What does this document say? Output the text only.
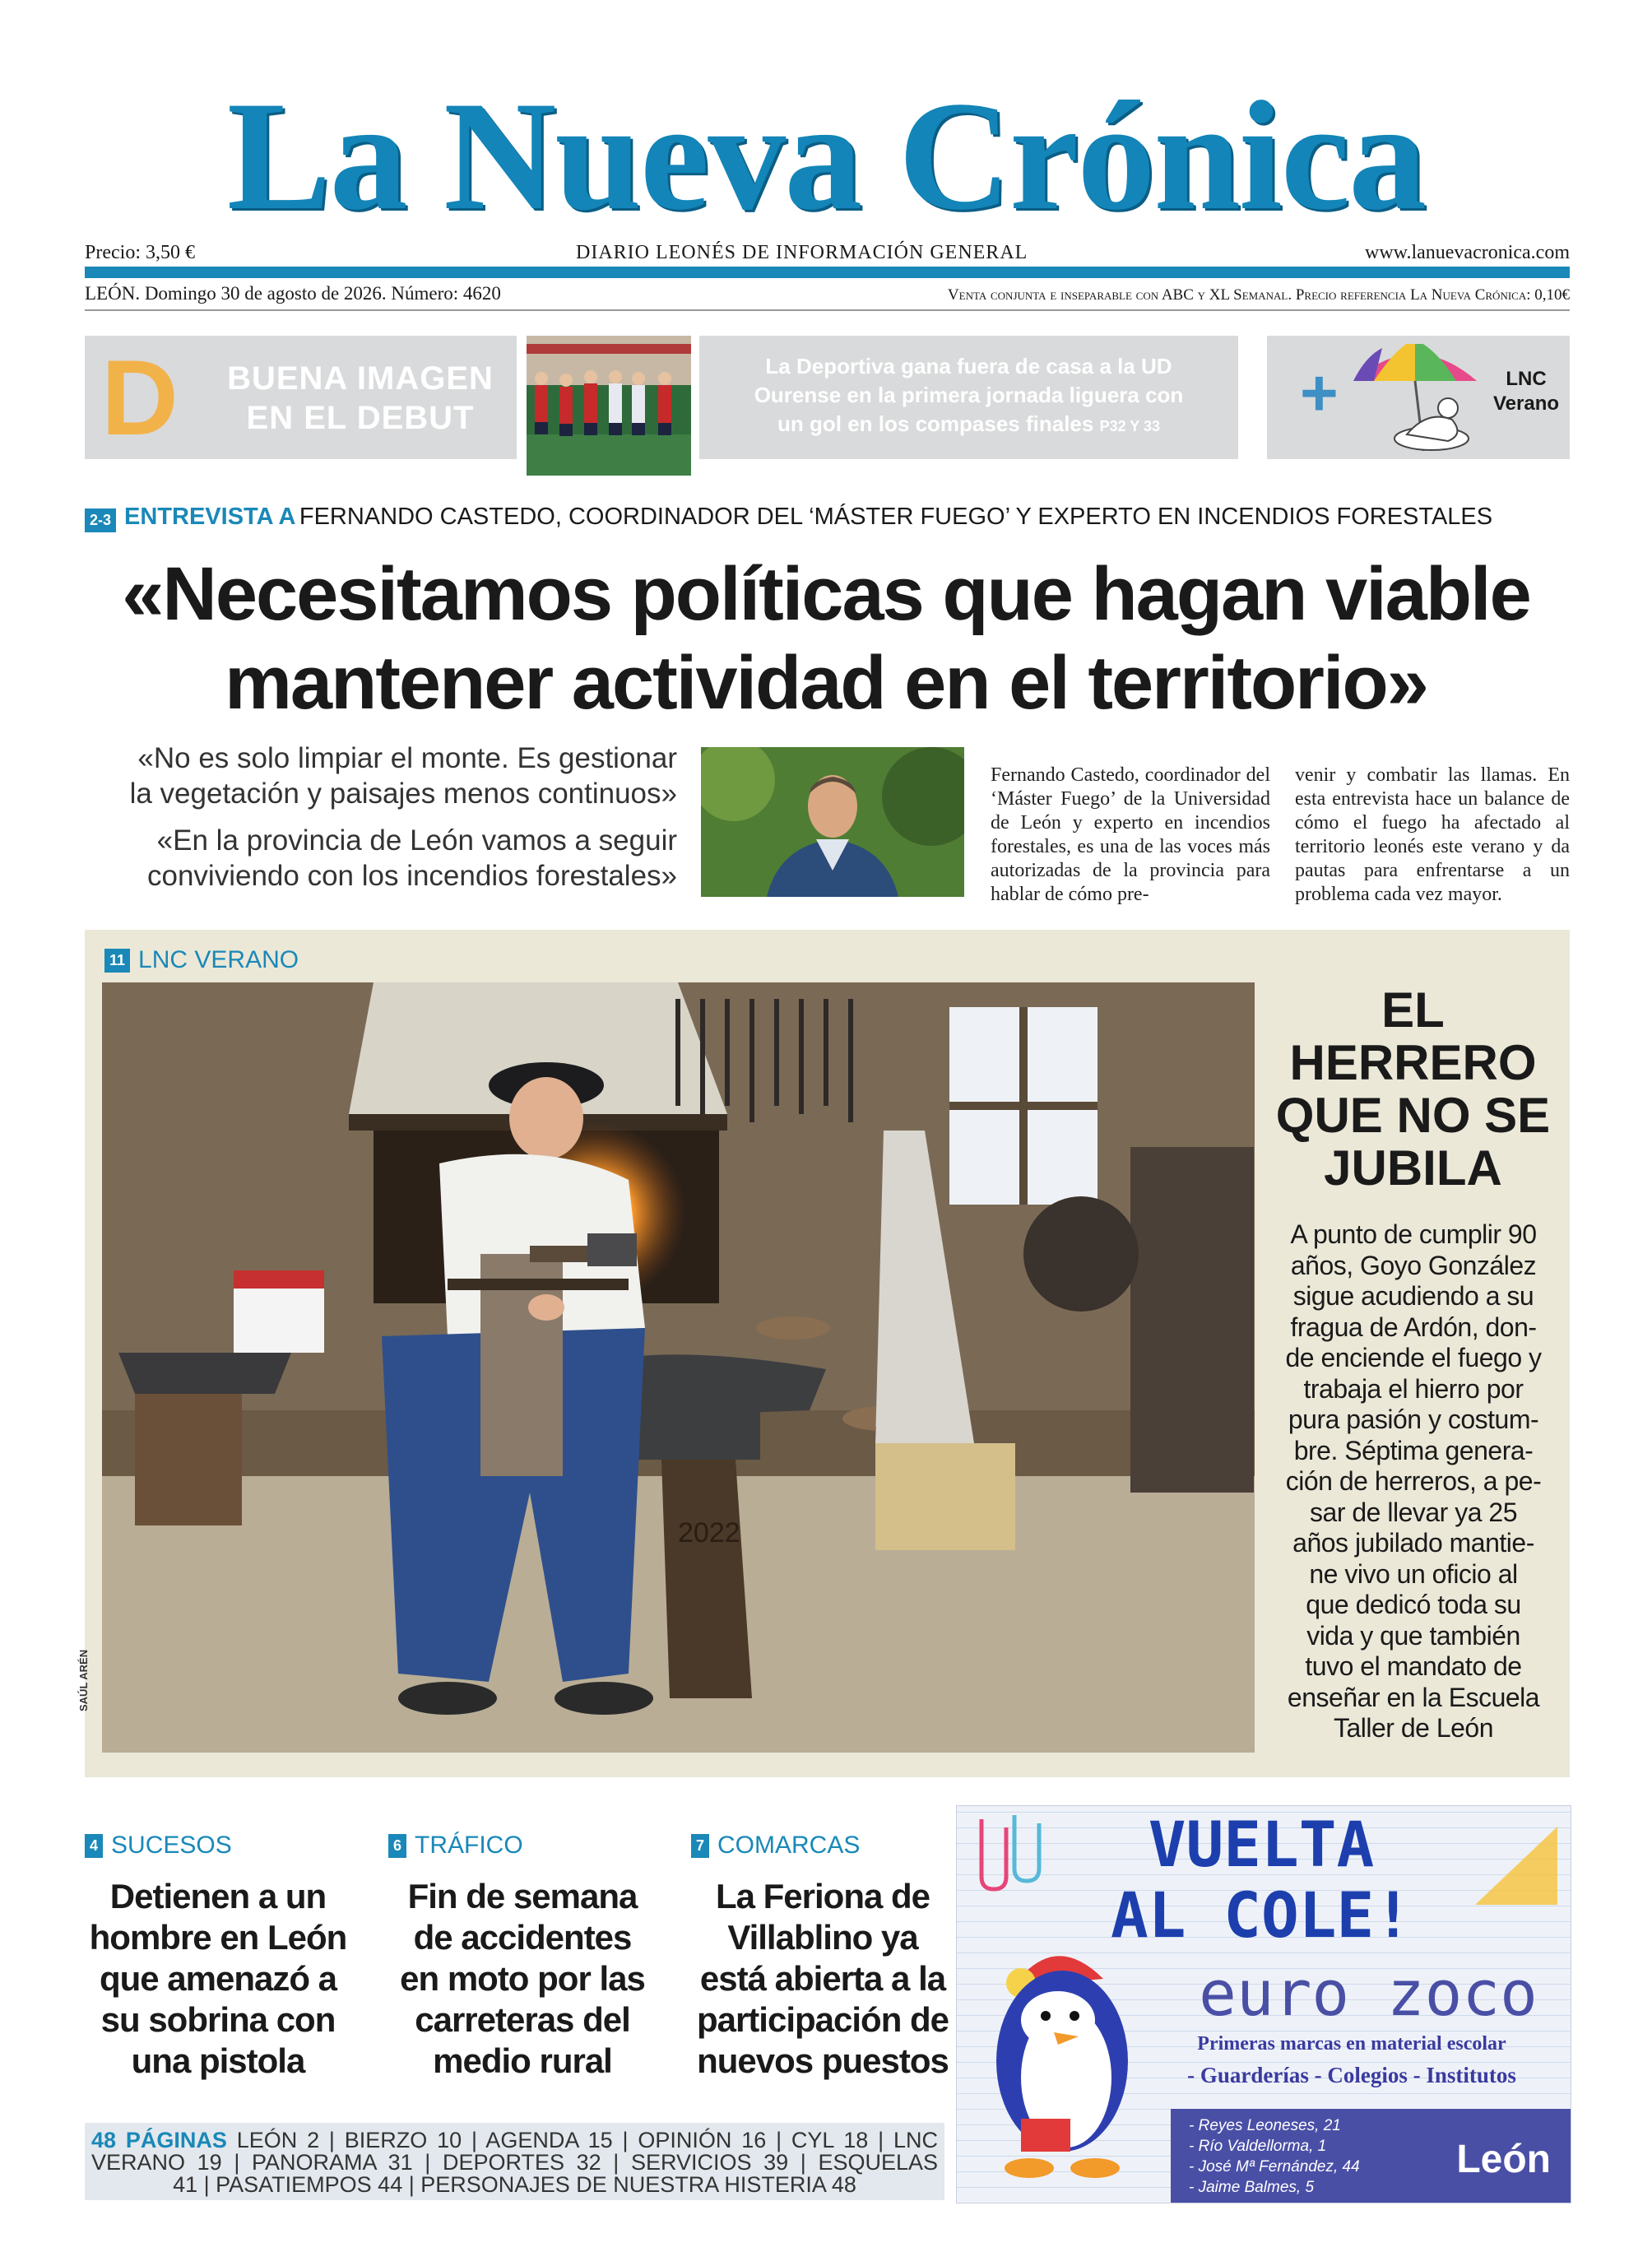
La Nueva Crónica
Precio: 3,50 €	DIARIO LEONÉS DE INFORMACIÓN GENERAL	www.lanuevacronica.com
LEÓN. Domingo 30 de agosto de 2026. Número: 4620	Venta conjunta e inseparable con ABC y XL Semanal. Precio referencia La Nueva Crónica: 0,10€
D	BUENA IMAGEN
EN EL DEBUT
La Deportiva gana fuera de casa a la UD
Ourense en la primera jornada liguera con
un gol en los compases finales P32 Y 33	+	LNC
Verano
2-3 ENTREVISTA A FERNANDO CASTEDO, COORDINADOR DEL ‘MÁSTER FUEGO’ Y EXPERTO EN INCENDIOS FORESTALES
«Necesitamos políticas que hagan viable
mantener actividad en el territorio»
«No es solo limpiar el monte. Es gestionar
la vegetación y paisajes menos continuos»
«En la provincia de León vamos a seguir
conviviendo con los incendios forestales»
Fernando Castedo, coordinador del ‘Máster Fuego’ de la Universidad de León y experto en incendios forestales, es una de las voces más autorizadas de la provincia para hablar de cómo pre-
venir y combatir las llamas. En esta entrevista hace un balance de cómo el fuego ha afectado al territorio leonés este verano y da pautas para enfrentarse a un problema cada vez mayor.
11 LNC VERANO
2022
SAÚL ARÉN
EL
HERRERO
QUE NO SE
JUBILA
A punto de cumplir 90
años, Goyo González
sigue acudiendo a su
fragua de Ardón, don-
de enciende el fuego y
trabaja el hierro por
pura pasión y costum-
bre. Séptima genera-
ción de herreros, a pe-
sar de llevar ya 25
años jubilado mantie-
ne vivo un oficio al
que dedicó toda su
vida y que también
tuvo el mandato de
enseñar en la Escuela
Taller de León
4 SUCESOS
Detienen a un
hombre en León
que amenazó a
su sobrina con
una pistola
6 TRÁFICO
Fin de semana
de accidentes
en moto por las
carreteras del
medio rural
7 COMARCAS
La Feriona de
Villablino ya
está abierta a la
participación de
nuevos puestos
48 PÁGINAS LEÓN 2 | BIERZO 10 | AGENDA 15 | OPINIÓN 16 | CYL 18 | LNC
VERANO 19 | PANORAMA 31 | DEPORTES 32 | SERVICIOS 39 | ESQUELAS
41 | PASATIEMPOS 44 | PERSONAJES DE NUESTRA HISTERIA 48
VUELTA
AL COLE!
euro zoco
Primeras marcas en material escolar
- Guarderías - Colegios - Institutos
- Reyes Leoneses, 21
- Río Valdellorma, 1
- José Mª Fernández, 44
- Jaime Balmes, 5
León
